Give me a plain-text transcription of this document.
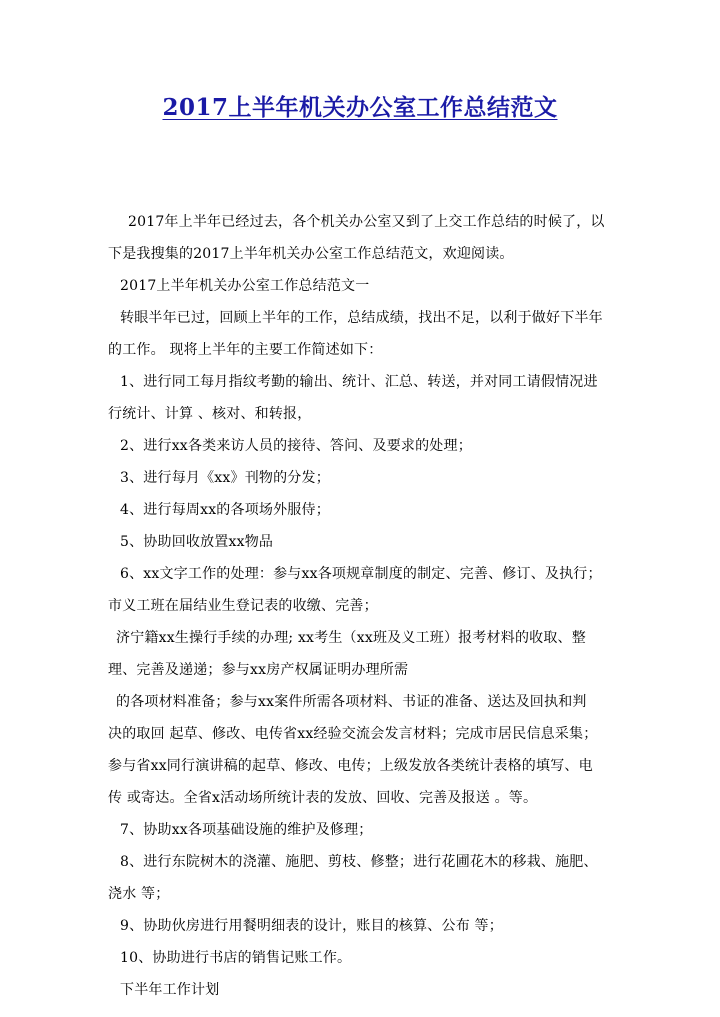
2017上半年机关办公室工作总结范文
2017年上半年已经过去，各个机关办公室又到了上交工作总结的时候了，以
下是我搜集的2017上半年机关办公室工作总结范文，欢迎阅读。
2017上半年机关办公室工作总结范文一
转眼半年已过，回顾上半年的工作，总结成绩，找出不足，以利于做好下半年
的工作。 现将上半年的主要工作简述如下：
1、进行同工每月指纹考勤的输出、统计、汇总、转送，并对同工请假情况进
行统计、计算 、核对、和转报，
2、进行xx各类来访人员的接待、答问、及要求的处理；
3、进行每月《xx》刊物的分发；
4、进行每周xx的各项场外服侍；
5、协助回收放置xx物品
6、xx文字工作的处理：参与xx各项规章制度的制定、完善、修订、及执行；
市义工班在届结业生登记表的收缴、完善；
济宁籍xx生操行手续的办理; xx考生（xx班及义工班）报考材料的收取、整
理、完善及递递；参与xx房产权属证明办理所需
的各项材料准备；参与xx案件所需各项材料、书证的准备、送达及回执和判
决的取回 起草、修改、电传省xx经验交流会发言材料；完成市居民信息采集；
参与省xx同行演讲稿的起草、修改、电传；上级发放各类统计表格的填写、电
传 或寄达。全省x活动场所统计表的发放、回收、完善及报送 。等。
7、协助xx各项基础设施的维护及修理；
8、进行东院树木的浇灌、施肥、剪枝、修整；进行花圃花木的移栽、施肥、
浇水 等；
9、协助伙房进行用餐明细表的设计，账目的核算、公布 等；
10、协助进行书店的销售记账工作。
下半年工作计划
